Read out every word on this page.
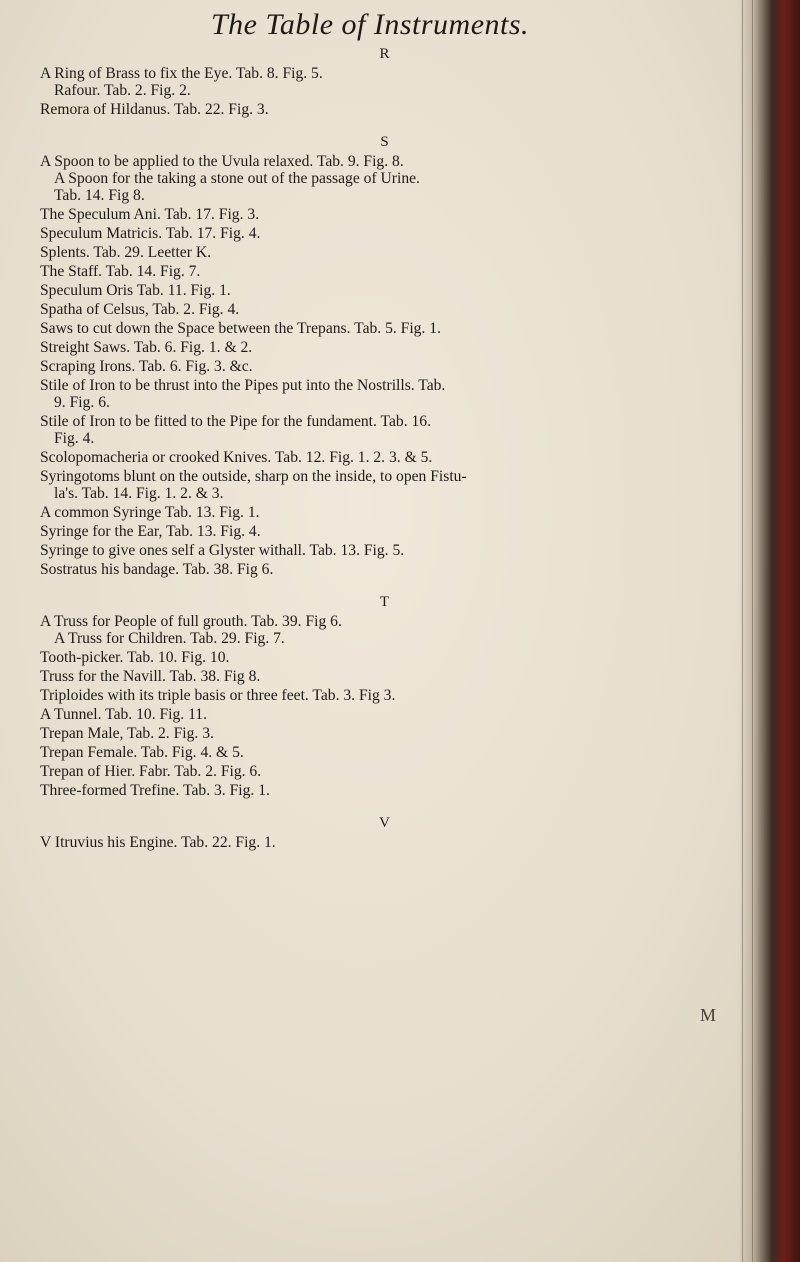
The Table of Instruments.
R
A Ring of Brass to fix the Eye. Tab. 8. Fig. 5.
Rafour. Tab. 2. Fig. 2.
Remora of Hildanus. Tab. 22. Fig. 3.
S
A Spoon to be applied to the Uvula relaxed. Tab. 9. Fig. 8.
A Spoon for the taking a stone out of the passage of Urine.
Tab. 14. Fig 8.
The Speculum Ani. Tab. 17. Fig. 3.
Speculum Matricis. Tab. 17. Fig. 4.
Splents. Tab. 29. Leetter K.
The Staff. Tab. 14. Fig. 7.
Speculum Oris Tab. 11. Fig. 1.
Spatha of Celsus, Tab. 2. Fig. 4.
Saws to cut down the Space between the Trepans. Tab. 5. Fig. 1.
Streight Saws. Tab. 6. Fig. 1. & 2.
Scraping Irons. Tab. 6. Fig. 3. &c.
Stile of Iron to be thrust into the Pipes put into the Nostrills. Tab.
9. Fig. 6.
Stile of Iron to be fitted to the Pipe for the fundament. Tab. 16.
Fig. 4.
Scolopomacheria or crooked Knives. Tab. 12. Fig. 1. 2. 3. & 5.
Syringotoms blunt on the outside, sharp on the inside, to open Fistu-
la's. Tab. 14. Fig. 1. 2. & 3.
A common Syringe Tab. 13. Fig. 1.
Syringe for the Ear, Tab. 13. Fig. 4.
Syringe to give ones self a Glyster withall. Tab. 13. Fig. 5.
Sostratus his bandage. Tab. 38. Fig 6.
T
A Truss for People of full grouth. Tab. 39. Fig 6.
A Truss for Children. Tab. 29. Fig. 7.
Tooth-picker. Tab. 10. Fig. 10.
Truss for the Navill. Tab. 38. Fig 8.
Triploides with its triple basis or three feet. Tab. 3. Fig 3.
A Tunnel. Tab. 10. Fig. 11.
Trepan Male, Tab. 2. Fig. 3.
Trepan Female. Tab. Fig. 4. & 5.
Trepan of Hier. Fabr. Tab. 2. Fig. 6.
Three-formed Trefine. Tab. 3. Fig. 1.
V
V Itruvius his Engine. Tab. 22. Fig. 1.
M
